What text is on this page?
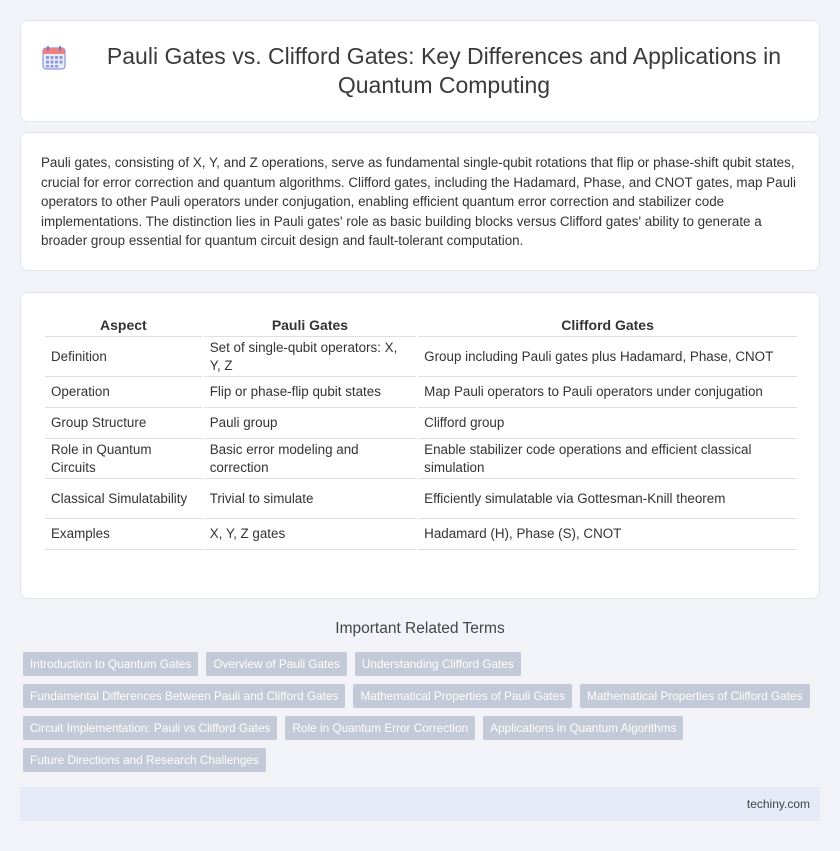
Pauli Gates vs. Clifford Gates: Key Differences and Applications in Quantum Computing

Pauli gates, consisting of X, Y, and Z operations, serve as fundamental single-qubit rotations that flip or phase-shift qubit states, crucial for error correction and quantum algorithms. Clifford gates, including the Hadamard, Phase, and CNOT gates, map Pauli operators to other Pauli operators under conjugation, enabling efficient quantum error correction and stabilizer code implementations. The distinction lies in Pauli gates' role as basic building blocks versus Clifford gates' ability to generate a broader group essential for quantum circuit design and fault-tolerant computation.

Aspect	Pauli Gates	Clifford Gates
Definition	Set of single-qubit operators: X, Y, Z	Group including Pauli gates plus Hadamard, Phase, CNOT
Operation	Flip or phase-flip qubit states	Map Pauli operators to Pauli operators under conjugation
Group Structure	Pauli group	Clifford group
Role in Quantum Circuits	Basic error modeling and correction	Enable stabilizer code operations and efficient classical simulation
Classical Simulatability	Trivial to simulate	Efficiently simulatable via Gottesman-Knill theorem
Examples	X, Y, Z gates	Hadamard (H), Phase (S), CNOT
Important Related Terms
Introduction to Quantum Gates	Overview of Pauli Gates	Understanding Clifford Gates
Fundamental Differences Between Pauli and Clifford Gates	Mathematical Properties of Pauli Gates	Mathematical Properties of Clifford Gates
Circuit Implementation: Pauli vs Clifford Gates	Role in Quantum Error Correction	Applications in Quantum Algorithms
Future Directions and Research Challenges
techiny.com
